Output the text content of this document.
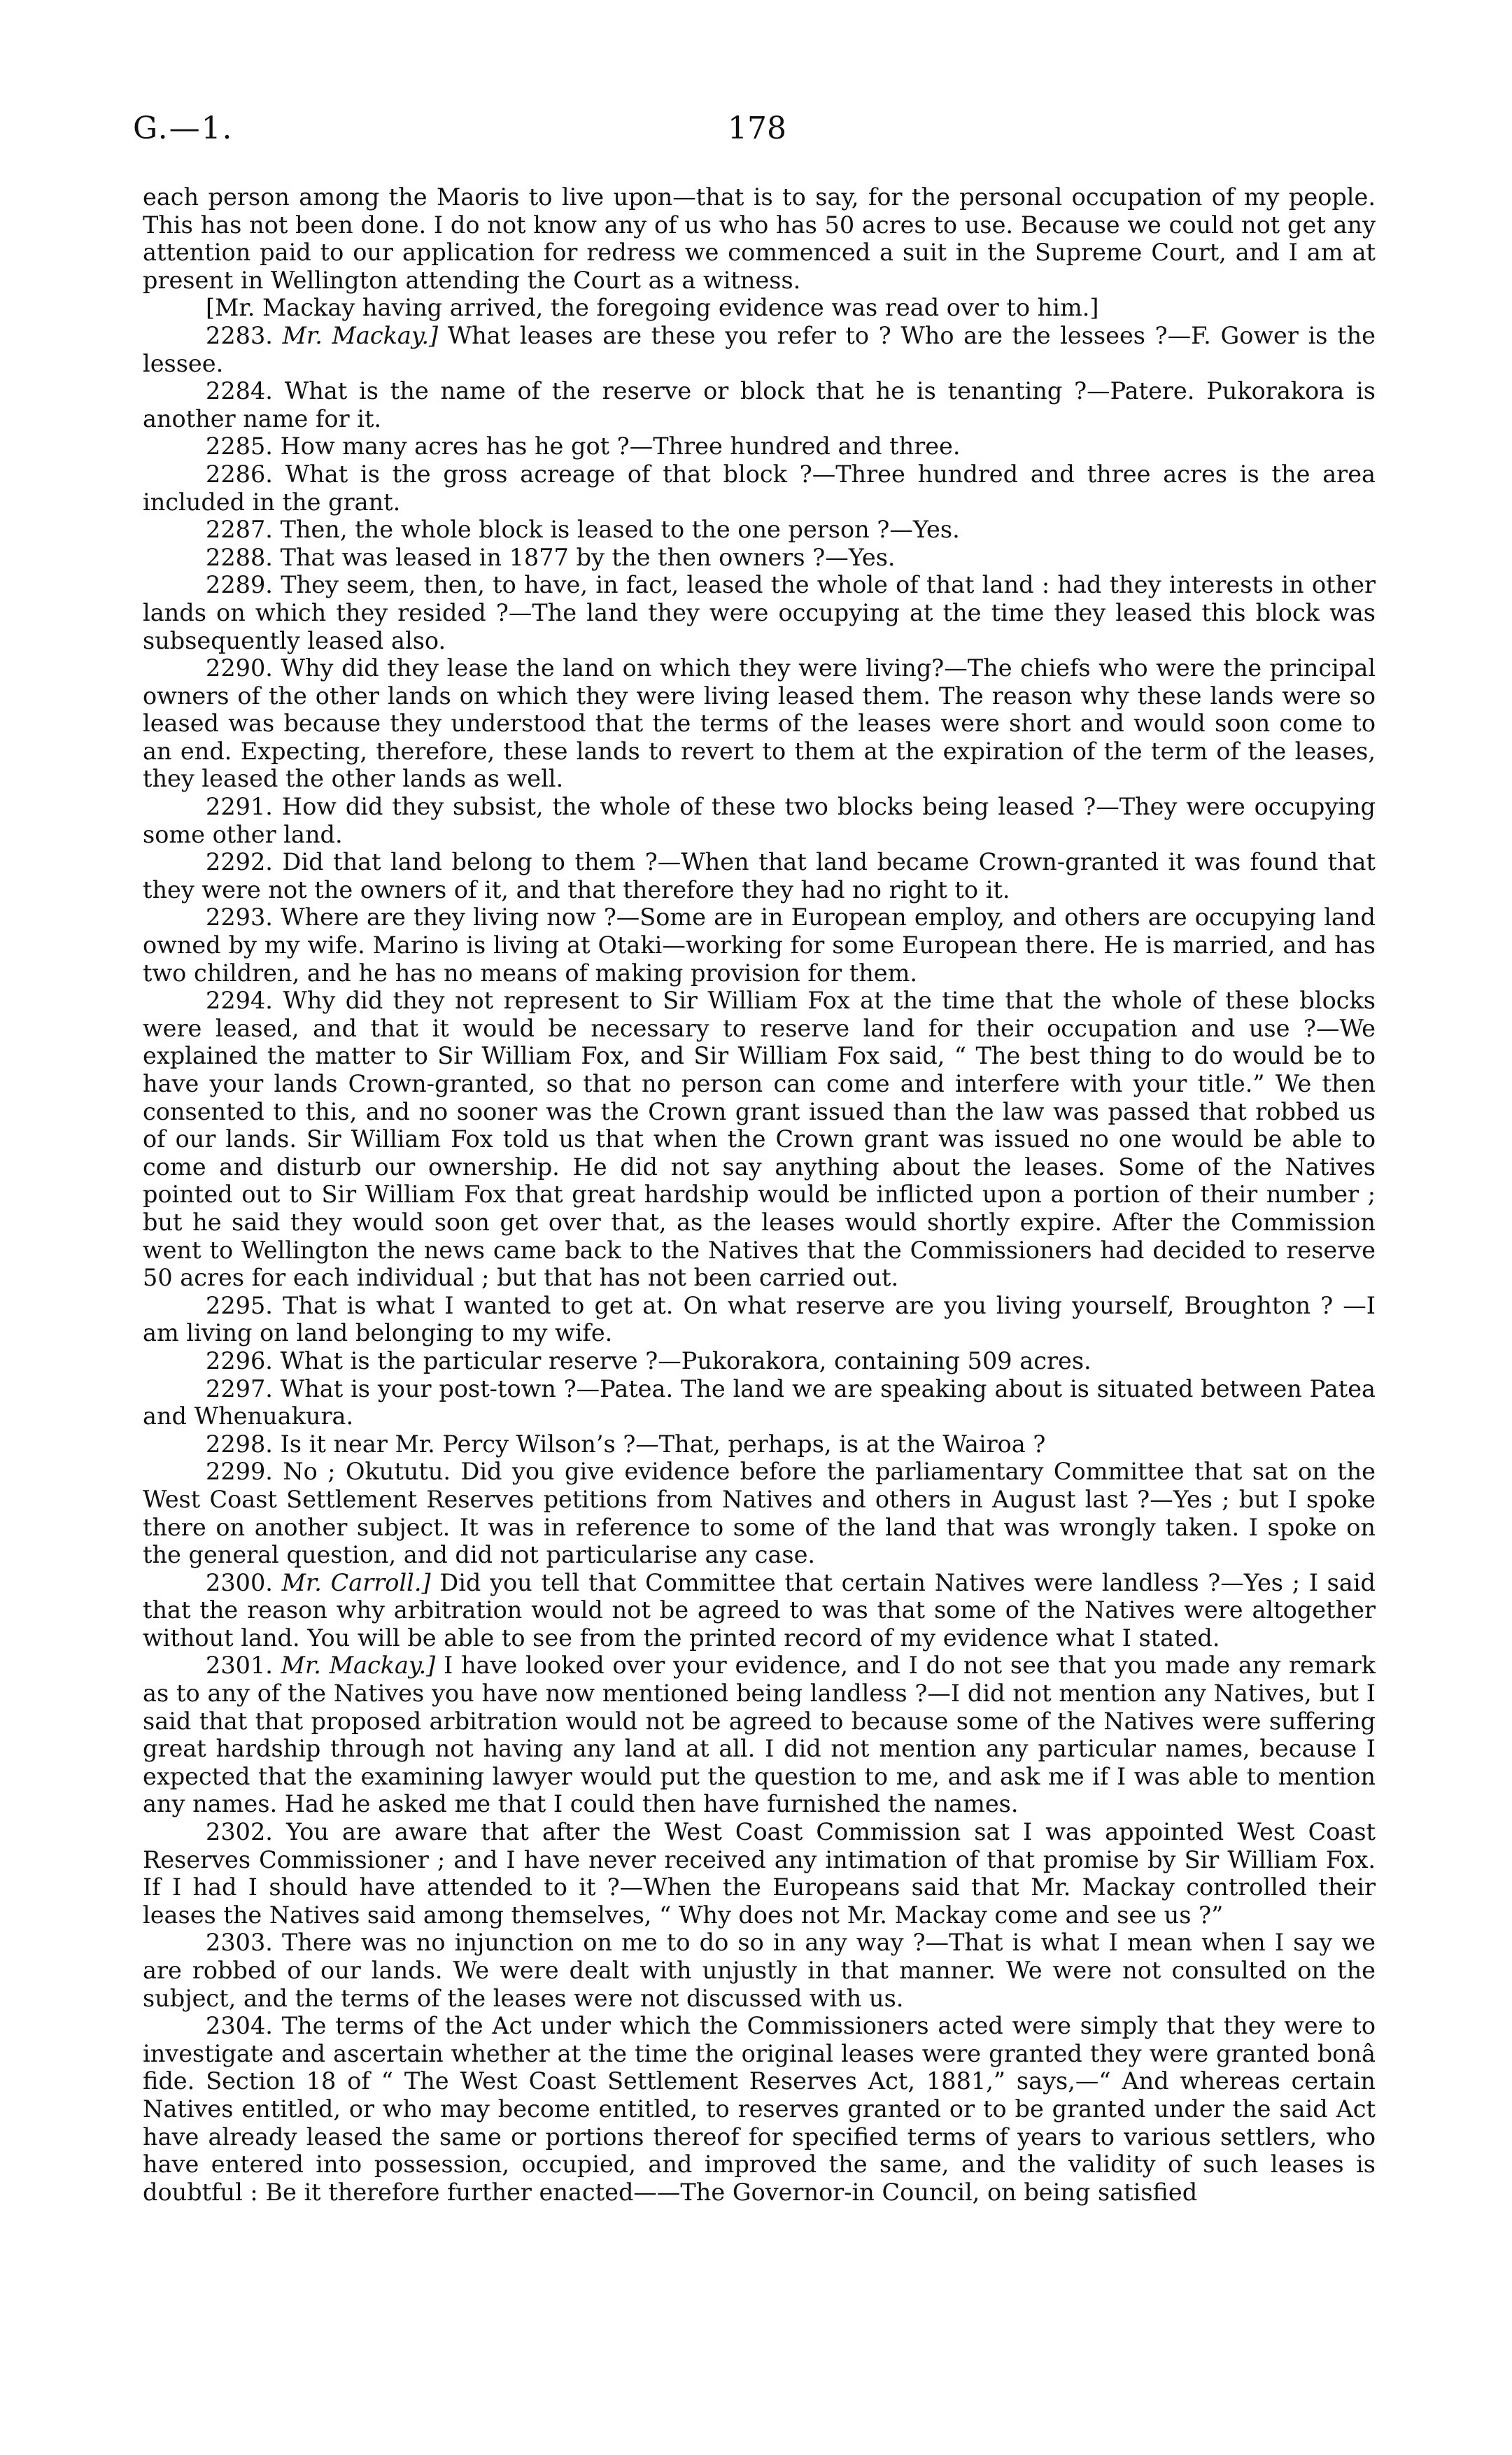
G.—1.	178

each person among the Maoris to live upon—that is to say, for the personal occupation of my people. This has not been done. I do not know any of us who has 50 acres to use. Because we could not get any attention paid to our application for redress we commenced a suit in the Supreme Court, and I am at present in Wellington attending the Court as a witness.

[Mr. Mackay having arrived, the foregoing evidence was read over to him.]

2283. Mr. Mackay.] What leases are these you refer to ? Who are the lessees ?—F. Gower is the lessee.

2284. What is the name of the reserve or block that he is tenanting ?—Patere. Pukorakora is another name for it.

2285. How many acres has he got ?—Three hundred and three.

2286. What is the gross acreage of that block ?—Three hundred and three acres is the area included in the grant.

2287. Then, the whole block is leased to the one person ?—Yes.

2288. That was leased in 1877 by the then owners ?—Yes.

2289. They seem, then, to have, in fact, leased the whole of that land : had they interests in other lands on which they resided ?—The land they were occupying at the time they leased this block was subsequently leased also.

2290. Why did they lease the land on which they were living?—The chiefs who were the principal owners of the other lands on which they were living leased them. The reason why these lands were so leased was because they understood that the terms of the leases were short and would soon come to an end. Expecting, therefore, these lands to revert to them at the expiration of the term of the leases, they leased the other lands as well.

2291. How did they subsist, the whole of these two blocks being leased ?—They were occupying some other land.

2292. Did that land belong to them ?—When that land became Crown-granted it was found that they were not the owners of it, and that therefore they had no right to it.

2293. Where are they living now ?—Some are in European employ, and others are occupying land owned by my wife. Marino is living at Otaki—working for some European there. He is married, and has two children, and he has no means of making provision for them.

2294. Why did they not represent to Sir William Fox at the time that the whole of these blocks were leased, and that it would be necessary to reserve land for their occupation and use ?—We explained the matter to Sir William Fox, and Sir William Fox said, “ The best thing to do would be to have your lands Crown-granted, so that no person can come and interfere with your title.” We then consented to this, and no sooner was the Crown grant issued than the law was passed that robbed us of our lands. Sir William Fox told us that when the Crown grant was issued no one would be able to come and disturb our ownership. He did not say anything about the leases. Some of the Natives pointed out to Sir William Fox that great hardship would be inflicted upon a portion of their number ; but he said they would soon get over that, as the leases would shortly expire. After the Commission went to Wellington the news came back to the Natives that the Commissioners had decided to reserve 50 acres for each individual ; but that has not been carried out.

2295. That is what I wanted to get at. On what reserve are you living yourself, Broughton ? —I am living on land belonging to my wife.

2296. What is the particular reserve ?—Pukorakora, containing 509 acres.

2297. What is your post-town ?—Patea. The land we are speaking about is situated between Patea and Whenuakura.

2298. Is it near Mr. Percy Wilson’s ?—That, perhaps, is at the Wairoa ?

2299. No ; Okututu. Did you give evidence before the parliamentary Committee that sat on the West Coast Settlement Reserves petitions from Natives and others in August last ?—Yes ; but I spoke there on another subject. It was in reference to some of the land that was wrongly taken. I spoke on the general question, and did not particularise any case.

2300. Mr. Carroll.] Did you tell that Committee that certain Natives were landless ?—Yes ; I said that the reason why arbitration would not be agreed to was that some of the Natives were altogether without land. You will be able to see from the printed record of my evidence what I stated.

2301. Mr. Mackay.] I have looked over your evidence, and I do not see that you made any remark as to any of the Natives you have now mentioned being landless ?—I did not mention any Natives, but I said that that proposed arbitration would not be agreed to because some of the Natives were suffering great hardship through not having any land at all. I did not mention any particular names, because I expected that the examining lawyer would put the question to me, and ask me if I was able to mention any names. Had he asked me that I could then have furnished the names.

2302. You are aware that after the West Coast Commission sat I was appointed West Coast Reserves Commissioner ; and I have never received any intimation of that promise by Sir William Fox. If I had I should have attended to it ?—When the Europeans said that Mr. Mackay controlled their leases the Natives said among themselves, “ Why does not Mr. Mackay come and see us ?”

2303. There was no injunction on me to do so in any way ?—That is what I mean when I say we are robbed of our lands. We were dealt with unjustly in that manner. We were not consulted on the subject, and the terms of the leases were not discussed with us.

2304. The terms of the Act under which the Commissioners acted were simply that they were to investigate and ascertain whether at the time the original leases were granted they were granted bonâ fide. Section 18 of “ The West Coast Settlement Reserves Act, 1881,” says,—“ And whereas certain Natives entitled, or who may become entitled, to reserves granted or to be granted under the said Act have already leased the same or portions thereof for specified terms of years to various settlers, who have entered into possession, occupied, and improved the same, and the validity of such leases is doubtful : Be it therefore further enacted——The Governor-in Council, on being satisfied
